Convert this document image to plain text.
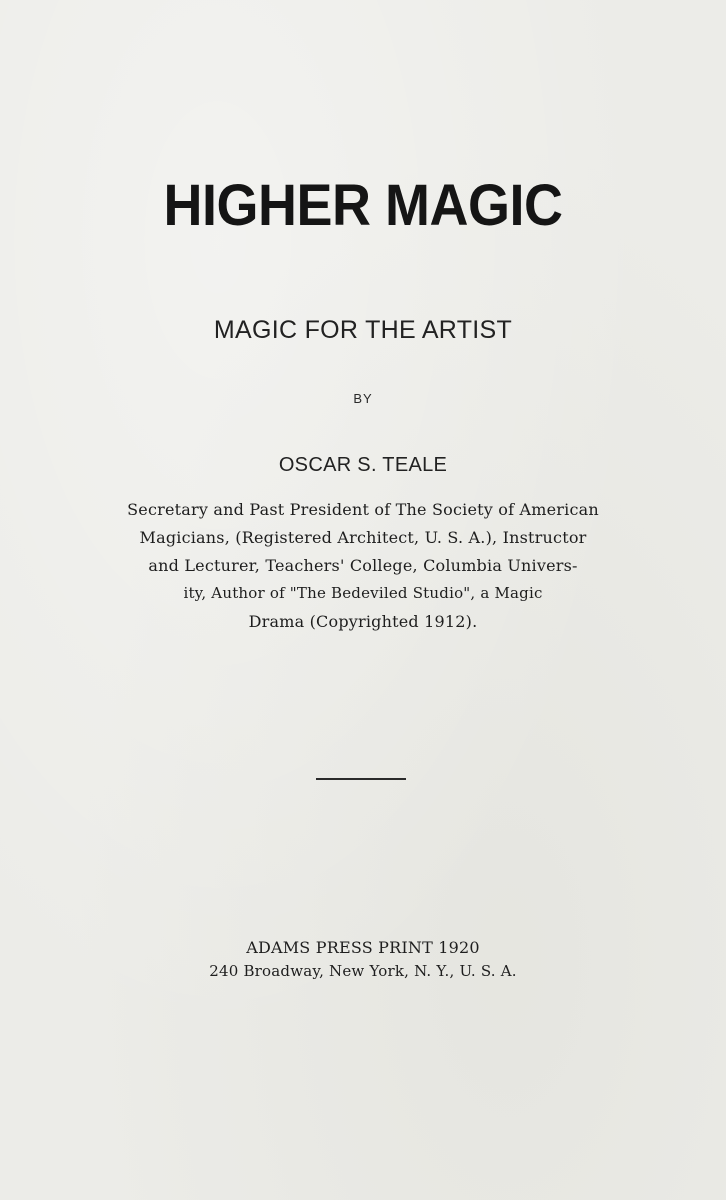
HIGHER MAGIC
MAGIC FOR THE ARTIST
BY
OSCAR S. TEALE
Secretary and Past President of The Society of American
Magicians, (Registered Architect, U. S. A.), Instructor
and Lecturer, Teachers' College, Columbia Univers-
ity, Author of "The Bedeviled Studio", a Magic
Drama (Copyrighted 1912).
ADAMS PRESS PRINT 1920
240 Broadway, New York, N. Y., U. S. A.
